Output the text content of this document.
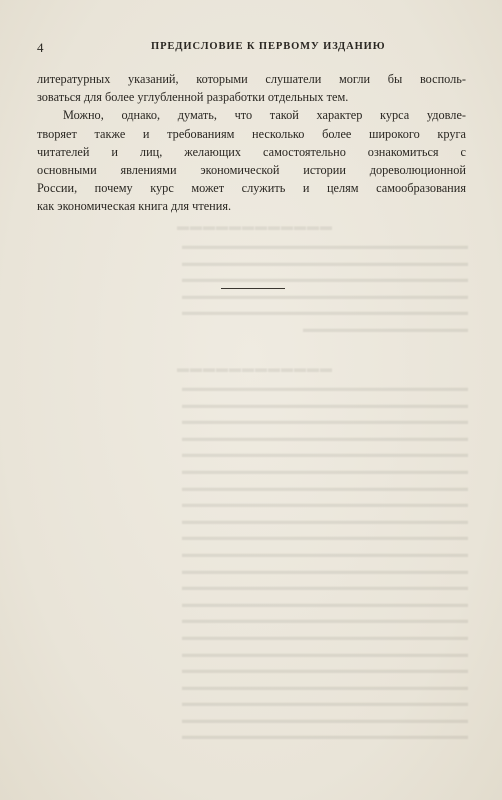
▬▬▬▬▬▬▬▬▬▬▬▬
▬▬▬▬▬▬▬▬▬▬▬▬▬▬▬▬▬▬▬▬▬▬▬▬▬▬
▬▬▬▬▬▬▬▬▬▬▬▬▬▬▬▬▬▬▬▬▬▬▬▬▬▬
▬▬▬▬▬▬▬▬▬▬▬▬▬▬▬▬▬▬▬▬▬▬▬▬▬▬
▬▬▬▬▬▬▬▬▬▬▬▬▬▬▬▬▬▬▬▬▬▬▬▬▬▬
▬▬▬▬▬▬▬▬▬▬▬▬▬▬▬▬▬▬▬▬▬▬▬▬▬▬
▬▬▬▬▬▬▬▬▬▬▬▬▬▬▬
▬▬▬▬▬▬▬▬▬▬▬▬
▬▬▬▬▬▬▬▬▬▬▬▬▬▬▬▬▬▬▬▬▬▬▬▬▬▬
▬▬▬▬▬▬▬▬▬▬▬▬▬▬▬▬▬▬▬▬▬▬▬▬▬▬
▬▬▬▬▬▬▬▬▬▬▬▬▬▬▬▬▬▬▬▬▬▬▬▬▬▬
▬▬▬▬▬▬▬▬▬▬▬▬▬▬▬▬▬▬▬▬▬▬▬▬▬▬
▬▬▬▬▬▬▬▬▬▬▬▬▬▬▬▬▬▬▬▬▬▬▬▬▬▬
▬▬▬▬▬▬▬▬▬▬▬▬▬▬▬▬▬▬▬▬▬▬▬▬▬▬
▬▬▬▬▬▬▬▬▬▬▬▬▬▬▬▬▬▬▬▬▬▬▬▬▬▬
▬▬▬▬▬▬▬▬▬▬▬▬▬▬▬▬▬▬▬▬▬▬▬▬▬▬
▬▬▬▬▬▬▬▬▬▬▬▬▬▬▬▬▬▬▬▬▬▬▬▬▬▬
▬▬▬▬▬▬▬▬▬▬▬▬▬▬▬▬▬▬▬▬▬▬▬▬▬▬
▬▬▬▬▬▬▬▬▬▬▬▬▬▬▬▬▬▬▬▬▬▬▬▬▬▬
▬▬▬▬▬▬▬▬▬▬▬▬▬▬▬▬▬▬▬▬▬▬▬▬▬▬
▬▬▬▬▬▬▬▬▬▬▬▬▬▬▬▬▬▬▬▬▬▬▬▬▬▬
▬▬▬▬▬▬▬▬▬▬▬▬▬▬▬▬▬▬▬▬▬▬▬▬▬▬
▬▬▬▬▬▬▬▬▬▬▬▬▬▬▬▬▬▬▬▬▬▬▬▬▬▬
▬▬▬▬▬▬▬▬▬▬▬▬▬▬▬▬▬▬▬▬▬▬▬▬▬▬
▬▬▬▬▬▬▬▬▬▬▬▬▬▬▬▬▬▬▬▬▬▬▬▬▬▬
▬▬▬▬▬▬▬▬▬▬▬▬▬▬▬▬▬▬▬▬▬▬▬▬▬▬
▬▬▬▬▬▬▬▬▬▬▬▬▬▬▬▬▬▬▬▬▬▬▬▬▬▬
▬▬▬▬▬▬▬▬▬▬▬▬▬▬▬▬▬▬▬▬▬▬▬▬▬▬
▬▬▬▬▬▬▬▬▬▬▬▬▬▬▬▬▬▬▬▬▬▬▬▬▬▬
▬▬▬▬▬▬▬▬▬▬▬▬▬▬▬▬▬▬▬▬▬▬▬▬▬▬
4	ПРЕДИСЛОВИЕ К ПЕРВОМУ ИЗДАНИЮ
литературных указаний, которыми слушатели могли бы восполь-
зоваться для более углубленной разработки отдельных тем.
Можно, однако, думать, что такой характер курса удовле-
творяет также и требованиям несколько более широкого круга
читателей и лиц, желающих самостоятельно ознакомиться с
основными явлениями экономической истории дореволюционной
России, почему курс может служить и целям самообразования
как экономическая книга для чтения.
